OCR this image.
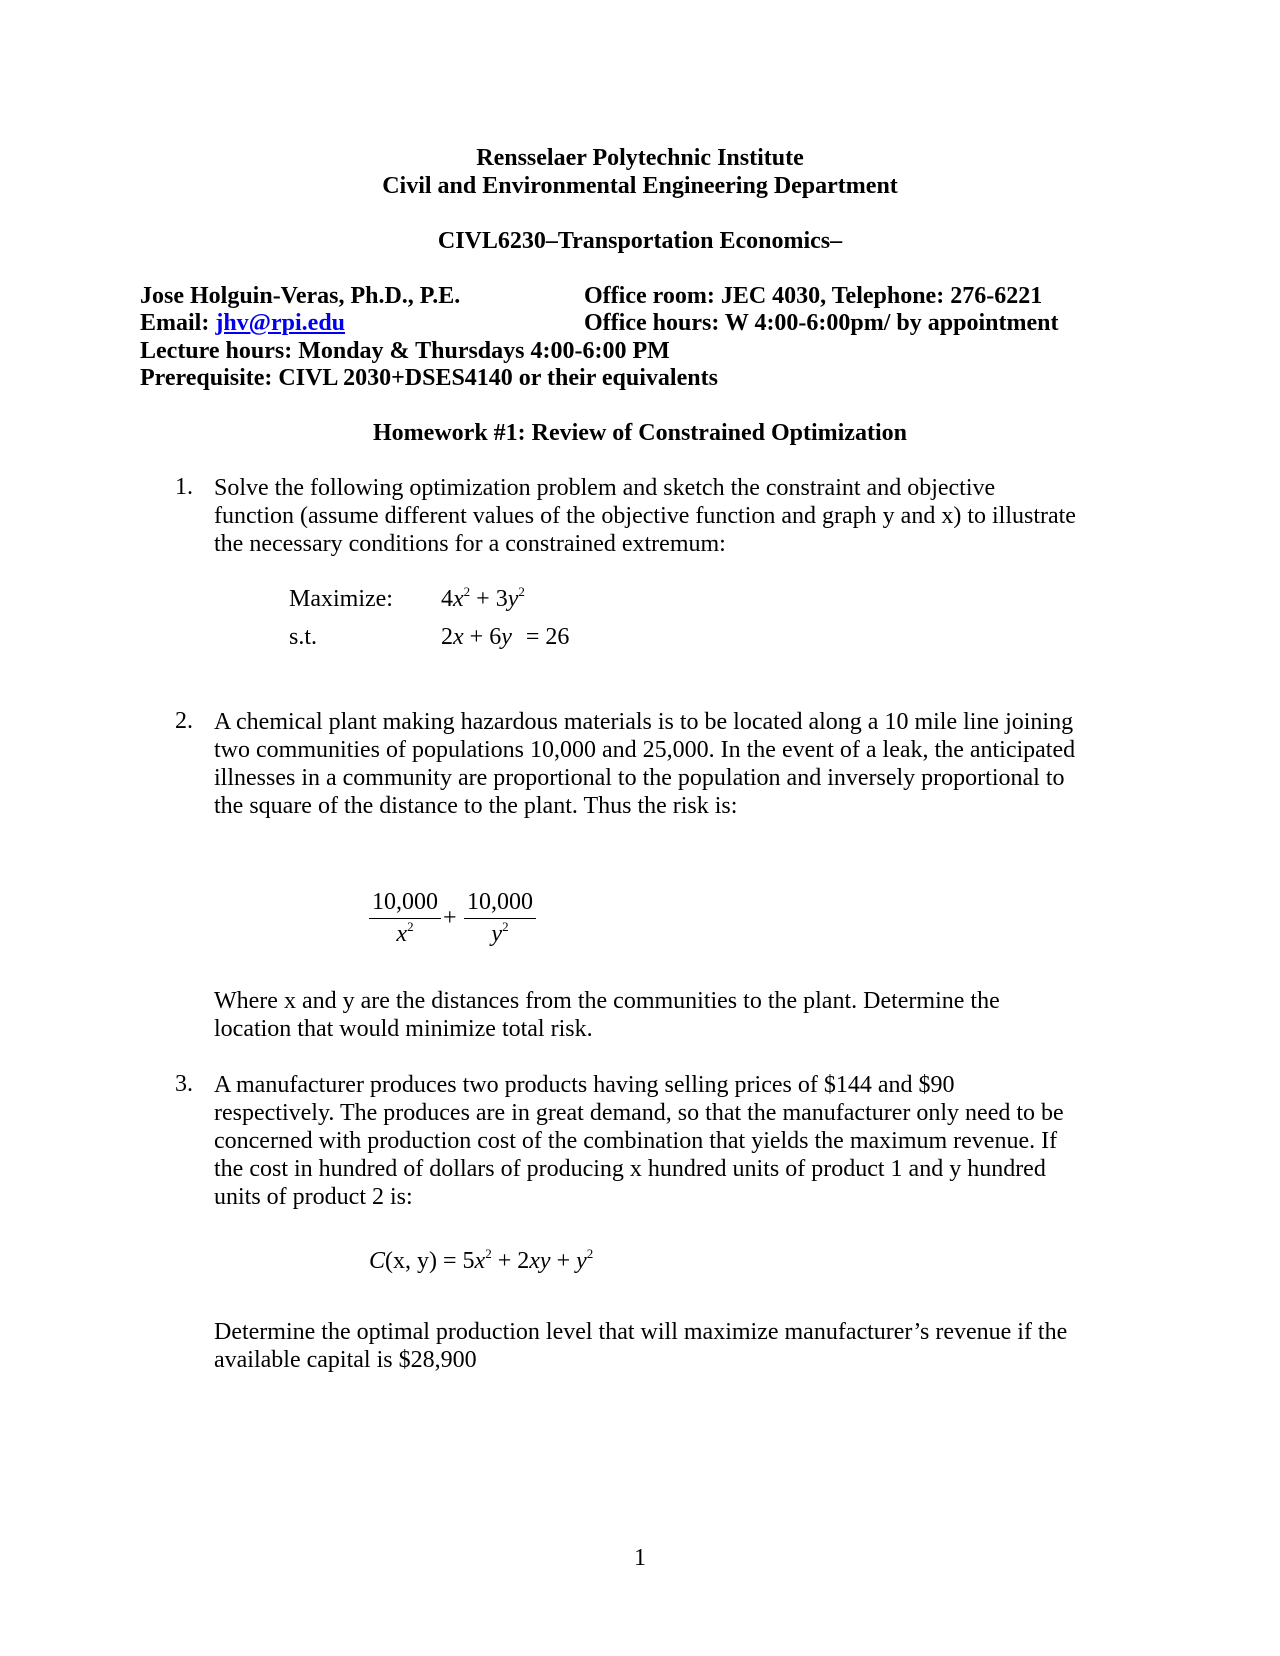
Rensselaer Polytechnic Institute
Civil and Environmental Engineering Department
CIVL6230–Transportation Economics–
Jose Holguin-Veras, Ph.D., P.E.	Office room: JEC 4030, Telephone: 276-6221
Email: jhv@rpi.edu	Office hours: W 4:00-6:00pm/ by appointment
Lecture hours: Monday & Thursdays 4:00-6:00 PM
Prerequisite: CIVL 2030+DSES4140 or their equivalents
Homework #1: Review of Constrained Optimization
1. Solve the following optimization problem and sketch the constraint and objective
function (assume different values of the objective function and graph y and x) to illustrate
the necessary conditions for a constrained extremum:
Maximize: $4x^2 + 3y^2$
s.t.	2x + 6y = 26
2. A chemical plant making hazardous materials is to be located along a 10 mile line joining
two communities of populations 10,000 and 25,000. In the event of a leak, the anticipated
illnesses in a community are proportional to the population and inversely proportional to
the square of the distance to the plant. Thus the risk is:
10,000
$x^2$	+
10,000
$y^2$
Where x and y are the distances from the communities to the plant. Determine the
location that would minimize total risk.
3. A manufacturer produces two products having selling prices of $144 and $90
respectively. The produces are in great demand, so that the manufacturer only need to be
concerned with production cost of the combination that yields the maximum revenue. If
the cost in hundred of dollars of producing x hundred units of product 1 and y hundred
units of product 2 is:
C(x, $y) = 5x^2 + 2xy + y^2$
Determine the optimal production level that will maximize manufacturer’s revenue if the
available capital is $28,900
1
